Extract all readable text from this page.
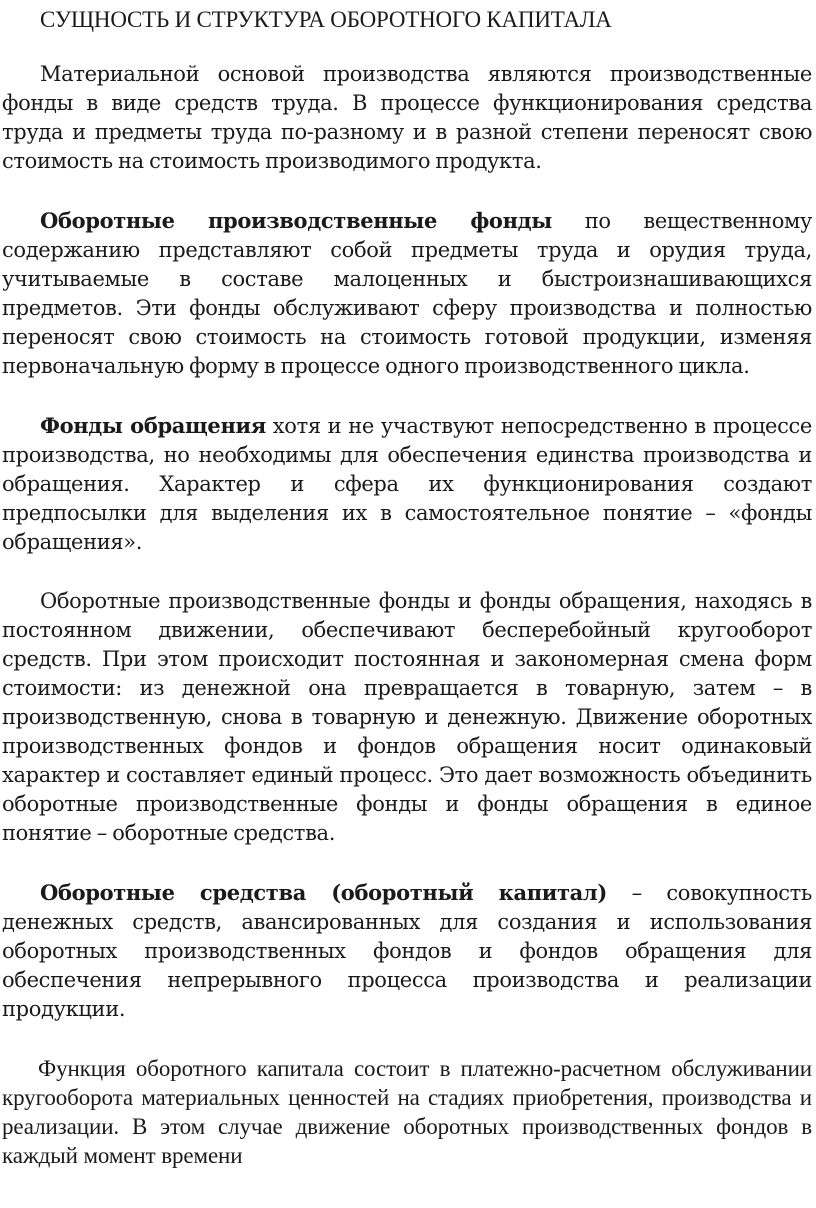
СУЩНОСТЬ И СТРУКТУРА ОБОРОТНОГО КАПИТАЛА

Материальной основой производства являются производственные фонды в виде средств труда. В процессе функционирования средства труда и предметы труда по-разному и в разной степени переносят свою стоимость на стоимость производимого продукта.

Оборотные производственные фонды по вещественному содержанию представляют собой предметы труда и орудия труда, учитываемые в составе малоценных и быстроизнашивающихся предметов. Эти фонды обслуживают сферу производства и полностью переносят свою стоимость на стоимость готовой продукции, изменяя первоначальную форму в процессе одного производственного цикла.

Фонды обращения хотя и не участвуют непосредственно в процессе производства, но необходимы для обеспечения единства производства и обращения. Характер и сфера их функционирования создают предпосылки для выделения их в самостоятельное понятие – «фонды обращения».

Оборотные производственные фонды и фонды обращения, находясь в постоянном движении, обеспечивают бесперебойный кругооборот средств. При этом происходит постоянная и закономерная смена форм стоимости: из денежной она превращается в товарную, затем – в производственную, снова в товарную и денежную. Движение оборотных производственных фондов и фондов обращения носит одинаковый характер и составляет единый процесс. Это дает возможность объединить оборотные производственные фонды и фонды обращения в единое понятие – оборотные средства.

Оборотные средства (оборотный капитал) – совокупность денежных средств, авансированных для создания и использования оборотных производственных фондов и фондов обращения для обеспечения непрерывного процесса производства и реализации продукции.

Функция оборотного капитала состоит в платежно-расчетном обслуживании кругооборота материальных ценностей на стадиях приобретения, производства и реализации. В этом случае движение оборотных производственных фондов в каждый момент времени
